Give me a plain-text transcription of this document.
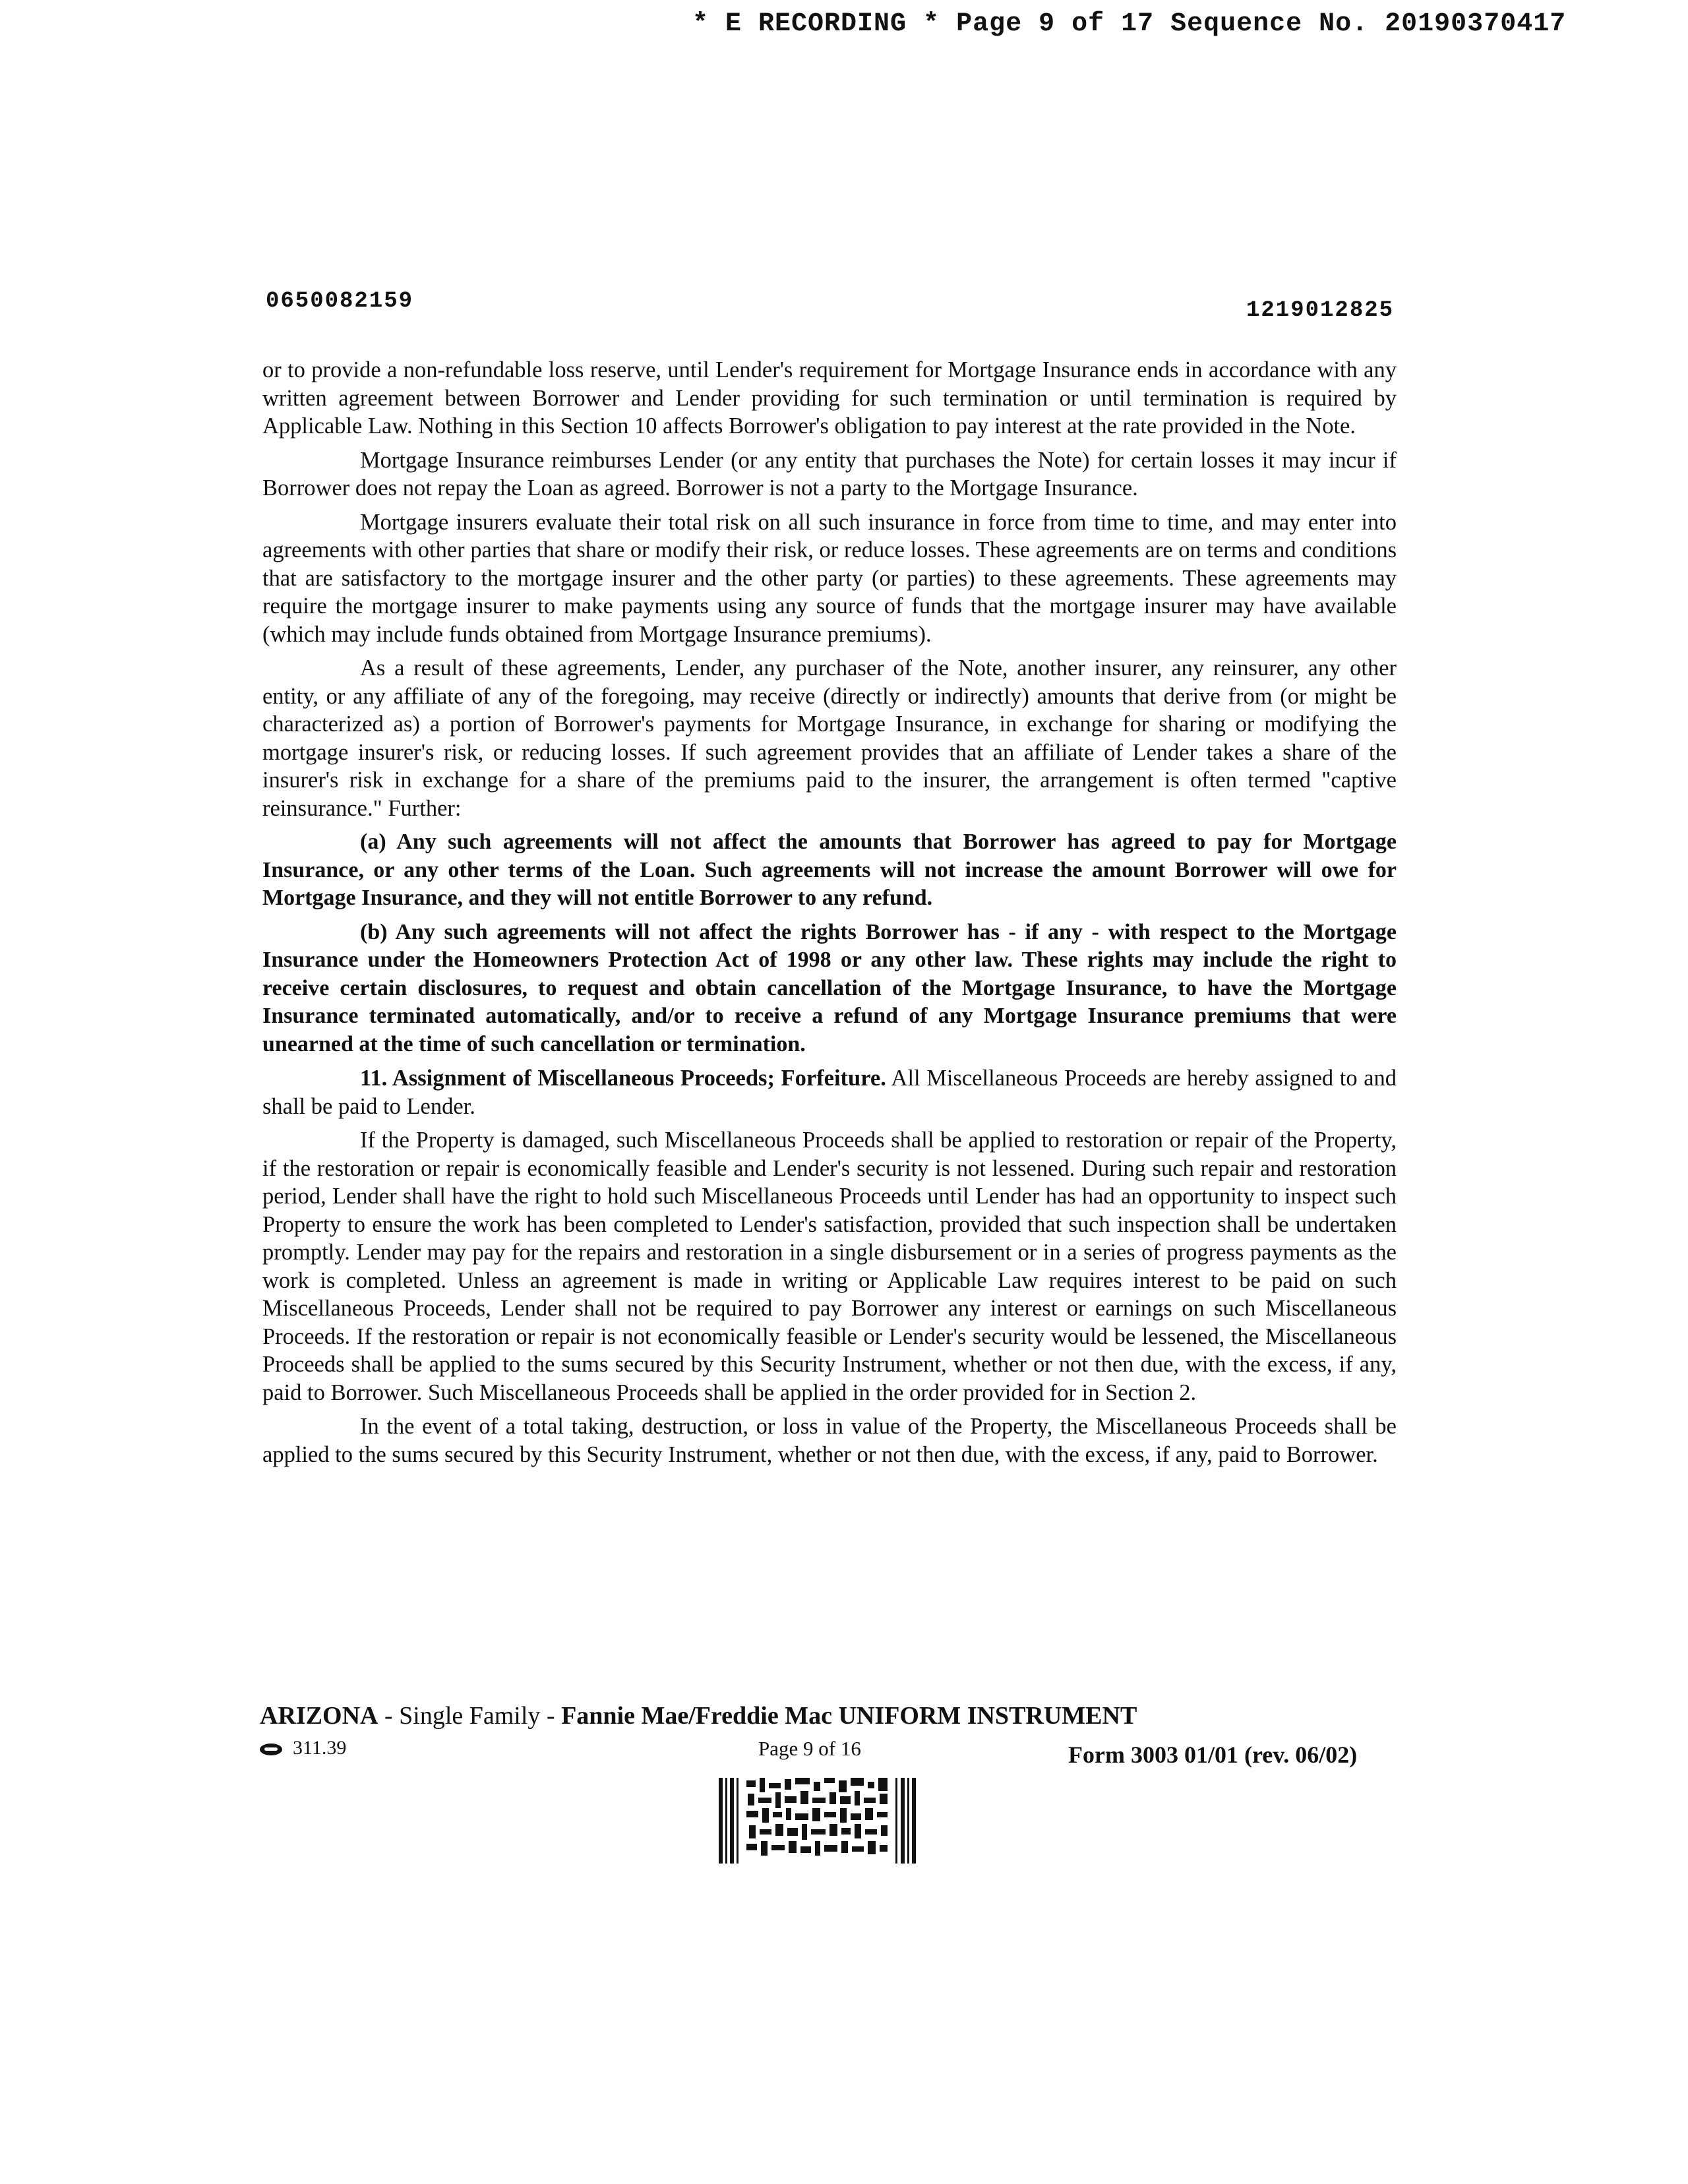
* E RECORDING * Page 9 of 17 Sequence No. 20190370417
0650082159	1219012825

or to provide a non-refundable loss reserve, until Lender's requirement for Mortgage Insurance ends in accordance with any written agreement between Borrower and Lender providing for such termination or until termination is required by Applicable Law. Nothing in this Section 10 affects Borrower's obligation to pay interest at the rate provided in the Note.

Mortgage Insurance reimburses Lender (or any entity that purchases the Note) for certain losses it may incur if Borrower does not repay the Loan as agreed. Borrower is not a party to the Mortgage Insurance.

Mortgage insurers evaluate their total risk on all such insurance in force from time to time, and may enter into agreements with other parties that share or modify their risk, or reduce losses. These agreements are on terms and conditions that are satisfactory to the mortgage insurer and the other party (or parties) to these agreements. These agreements may require the mortgage insurer to make payments using any source of funds that the mortgage insurer may have available (which may include funds obtained from Mortgage Insurance premiums).

As a result of these agreements, Lender, any purchaser of the Note, another insurer, any reinsurer, any other entity, or any affiliate of any of the foregoing, may receive (directly or indirectly) amounts that derive from (or might be characterized as) a portion of Borrower's payments for Mortgage Insurance, in exchange for sharing or modifying the mortgage insurer's risk, or reducing losses. If such agreement provides that an affiliate of Lender takes a share of the insurer's risk in exchange for a share of the premiums paid to the insurer, the arrangement is often termed "captive reinsurance." Further:

(a) Any such agreements will not affect the amounts that Borrower has agreed to pay for Mortgage Insurance, or any other terms of the Loan. Such agreements will not increase the amount Borrower will owe for Mortgage Insurance, and they will not entitle Borrower to any refund.

(b) Any such agreements will not affect the rights Borrower has - if any - with respect to the Mortgage Insurance under the Homeowners Protection Act of 1998 or any other law. These rights may include the right to receive certain disclosures, to request and obtain cancellation of the Mortgage Insurance, to have the Mortgage Insurance terminated automatically, and/or to receive a refund of any Mortgage Insurance premiums that were unearned at the time of such cancellation or termination.

11. Assignment of Miscellaneous Proceeds; Forfeiture. All Miscellaneous Proceeds are hereby assigned to and shall be paid to Lender.

If the Property is damaged, such Miscellaneous Proceeds shall be applied to restoration or repair of the Property, if the restoration or repair is economically feasible and Lender's security is not lessened. During such repair and restoration period, Lender shall have the right to hold such Miscellaneous Proceeds until Lender has had an opportunity to inspect such Property to ensure the work has been completed to Lender's satisfaction, provided that such inspection shall be undertaken promptly. Lender may pay for the repairs and restoration in a single disbursement or in a series of progress payments as the work is completed. Unless an agreement is made in writing or Applicable Law requires interest to be paid on such Miscellaneous Proceeds, Lender shall not be required to pay Borrower any interest or earnings on such Miscellaneous Proceeds. If the restoration or repair is not economically feasible or Lender's security would be lessened, the Miscellaneous Proceeds shall be applied to the sums secured by this Security Instrument, whether or not then due, with the excess, if any, paid to Borrower. Such Miscellaneous Proceeds shall be applied in the order provided for in Section 2.

In the event of a total taking, destruction, or loss in value of the Property, the Miscellaneous Proceeds shall be applied to the sums secured by this Security Instrument, whether or not then due, with the excess, if any, paid to Borrower.

ARIZONA - Single Family - Fannie Mae/Freddie Mac UNIFORM INSTRUMENT
311.39	Page 9 of 16	Form 3003 01/01 (rev. 06/02)
